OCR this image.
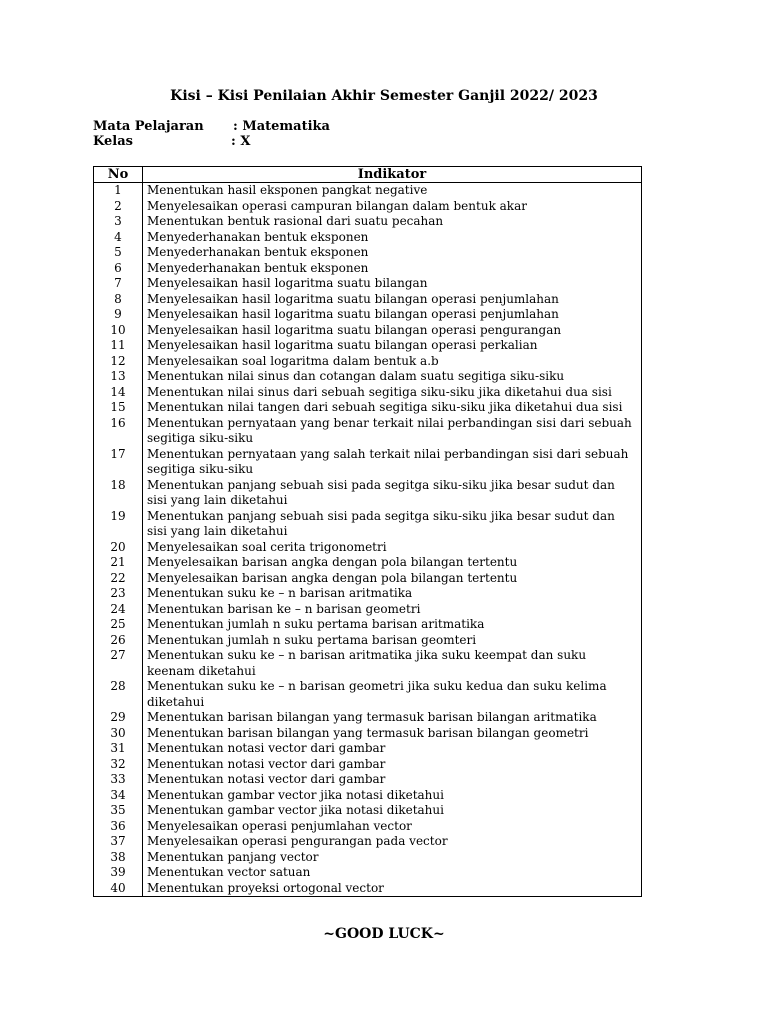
Kisi – Kisi Penilaian Akhir Semester Ganjil 2022/ 2023
Mata Pelajaran : Matematika
Kelas	: X
No	Indikator
1	Menentukan hasil eksponen pangkat negative
2	Menyelesaikan operasi campuran bilangan dalam bentuk akar
3	Menentukan bentuk rasional dari suatu pecahan
4	Menyederhanakan bentuk eksponen
5	Menyederhanakan bentuk eksponen
6	Menyederhanakan bentuk eksponen
7	Menyelesaikan hasil logaritma suatu bilangan
8	Menyelesaikan hasil logaritma suatu bilangan operasi penjumlahan
9	Menyelesaikan hasil logaritma suatu bilangan operasi penjumlahan
10	Menyelesaikan hasil logaritma suatu bilangan operasi pengurangan
11	Menyelesaikan hasil logaritma suatu bilangan operasi perkalian
12	Menyelesaikan soal logaritma dalam bentuk a.b
13	Menentukan nilai sinus dan cotangan dalam suatu segitiga siku-siku
14	Menentukan nilai sinus dari sebuah segitiga siku-siku jika diketahui dua sisi
15	Menentukan nilai tangen dari sebuah segitiga siku-siku jika diketahui dua sisi
16	Menentukan pernyataan yang benar terkait nilai perbandingan sisi dari sebuah segitiga siku-siku
17	Menentukan pernyataan yang salah terkait nilai perbandingan sisi dari sebuah segitiga siku-siku
18	Menentukan panjang sebuah sisi pada segitga siku-siku jika besar sudut dan sisi yang lain diketahui
19	Menentukan panjang sebuah sisi pada segitga siku-siku jika besar sudut dan sisi yang lain diketahui
20	Menyelesaikan soal cerita trigonometri
21	Menyelesaikan barisan angka dengan pola bilangan tertentu
22	Menyelesaikan barisan angka dengan pola bilangan tertentu
23	Menentukan suku ke – n barisan aritmatika
24	Menentukan barisan ke – n barisan geometri
25	Menentukan jumlah n suku pertama barisan aritmatika
26	Menentukan jumlah n suku pertama barisan geomteri
27	Menentukan suku ke – n barisan aritmatika jika suku keempat dan suku keenam diketahui
28	Menentukan suku ke – n barisan geometri jika suku kedua dan suku kelima diketahui
29	Menentukan barisan bilangan yang termasuk barisan bilangan aritmatika
30	Menentukan barisan bilangan yang termasuk barisan bilangan geometri
31	Menentukan notasi vector dari gambar
32	Menentukan notasi vector dari gambar
33	Menentukan notasi vector dari gambar
34	Menentukan gambar vector jika notasi diketahui
35	Menentukan gambar vector jika notasi diketahui
36	Menyelesaikan operasi penjumlahan vector
37	Menyelesaikan operasi pengurangan pada vector
38	Menentukan panjang vector
39	Menentukan vector satuan
40	Menentukan proyeksi ortogonal vector
~GOOD LUCK~
